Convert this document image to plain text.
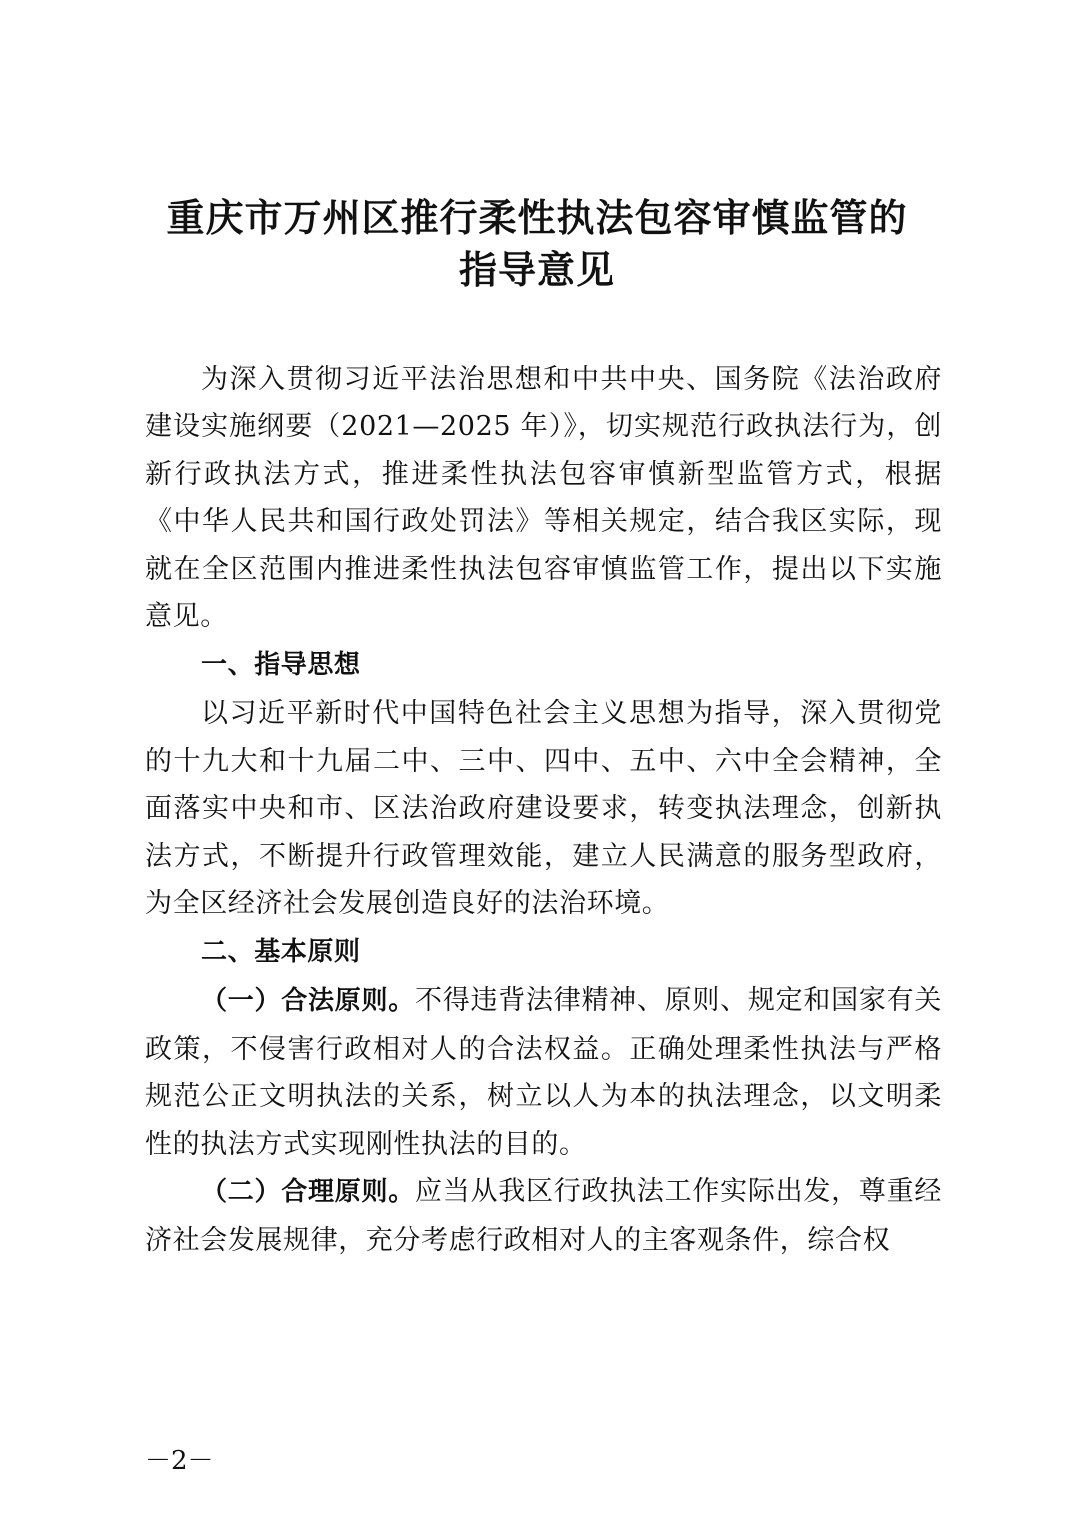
重庆市万州区推行柔性执法包容审慎监管的
指导意见

为深入贯彻习近平法治思想和中共中央、国务院《法治政府建设实施纲要（2021—2025 年）》，切实规范行政执法行为，创新行政执法方式，推进柔性执法包容审慎新型监管方式，根据《中华人民共和国行政处罚法》等相关规定，结合我区实际，现就在全区范围内推进柔性执法包容审慎监管工作，提出以下实施意见。

一、指导思想

以习近平新时代中国特色社会主义思想为指导，深入贯彻党的十九大和十九届二中、三中、四中、五中、六中全会精神，全面落实中央和市、区法治政府建设要求，转变执法理念，创新执法方式，不断提升行政管理效能，建立人民满意的服务型政府，为全区经济社会发展创造良好的法治环境。

二、基本原则

（一）合法原则。不得违背法律精神、原则、规定和国家有关政策，不侵害行政相对人的合法权益。正确处理柔性执法与严格规范公正文明执法的关系，树立以人为本的执法理念，以文明柔性的执法方式实现刚性执法的目的。

（二）合理原则。应当从我区行政执法工作实际出发，尊重经济社会发展规律，充分考虑行政相对人的主客观条件，综合权

－2－
